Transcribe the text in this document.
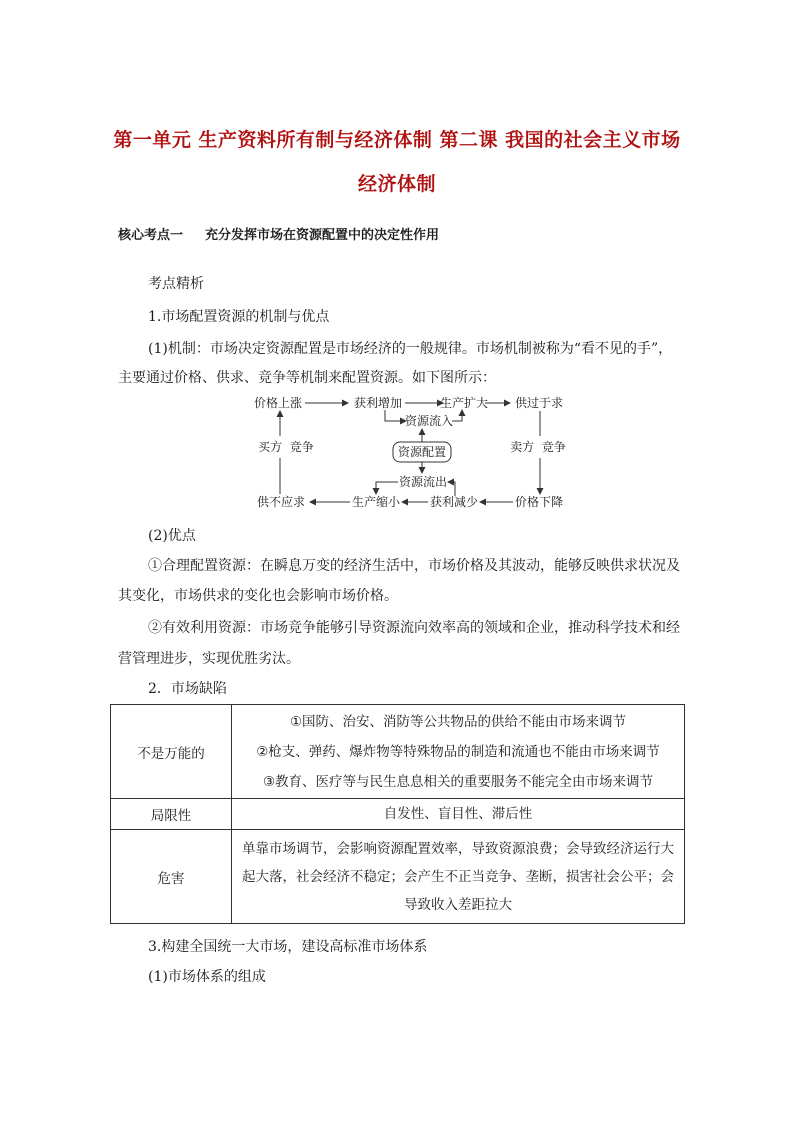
第一单元 生产资料所有制与经济体制 第二课 我国的社会主义市场
经济体制
核心考点一 充分发挥市场在资源配置中的决定性作用
考点精析
1.市场配置资源的机制与优点
(1)机制：市场决定资源配置是市场经济的一般规律。市场机制被称为“看不见的手”，
主要通过价格、供求、竞争等机制来配置资源。如下图所示：
价格上涨	获利增加	生产扩大 供过于求
资源流入
资源配置
资源流出
供不应求	生产缩小 获利减少	价格下降
买方  竞争	卖方  竞争
(2)优点
①合理配置资源：在瞬息万变的经济生活中，市场价格及其波动，能够反映供求状况及
其变化，市场供求的变化也会影响市场价格。
②有效利用资源：市场竞争能够引导资源流向效率高的领域和企业，推动科学技术和经
营管理进步，实现优胜劣汰。
2．市场缺陷
不是万能的	①国防、治安、消防等公共物品的供给不能由市场来调节
②枪支、弹药、爆炸物等特殊物品的制造和流通也不能由市场来调节
③教育、医疗等与民生息息相关的重要服务不能完全由市场来调节

局限性	自发性、盲目性、滞后性

危害	单靠市场调节，会影响资源配置效率，导致资源浪费；会导致经济运行大
起大落，社会经济不稳定；会产生不正当竞争、垄断，损害社会公平；会
导致收入差距拉大
3.构建全国统一大市场，建设高标准市场体系
(1)市场体系的组成
